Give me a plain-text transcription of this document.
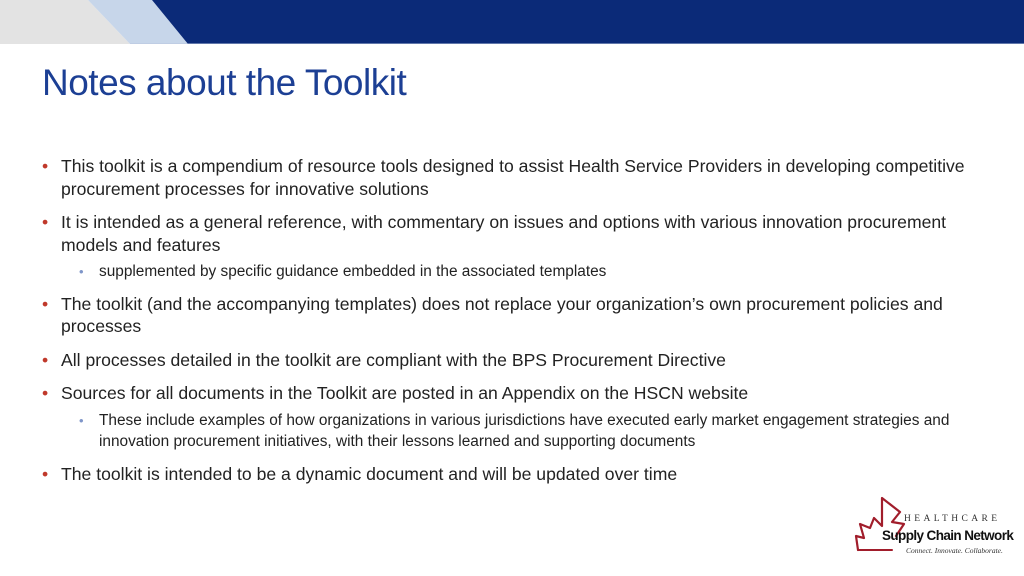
Notes about the Toolkit
• This toolkit is a compendium of resource tools designed to assist Health Service Providers in developing competitive procurement processes for innovative solutions
• It is intended as a general reference, with commentary on issues and options with various innovation procurement models and features
• supplemented by specific guidance embedded in the associated templates
• The toolkit (and the accompanying templates) does not replace your organization’s own procurement policies and processes
• All processes detailed in the toolkit are compliant with the BPS Procurement Directive
• Sources for all documents in the Toolkit are posted in an Appendix on the HSCN website
• These include examples of how organizations in various jurisdictions have executed early market engagement strategies and innovation procurement initiatives, with their lessons learned and supporting documents
• The toolkit is intended to be a dynamic document and will be updated over time
HEALTHCARE
Supply Chain Network
Connect. Innovate. Collaborate.
